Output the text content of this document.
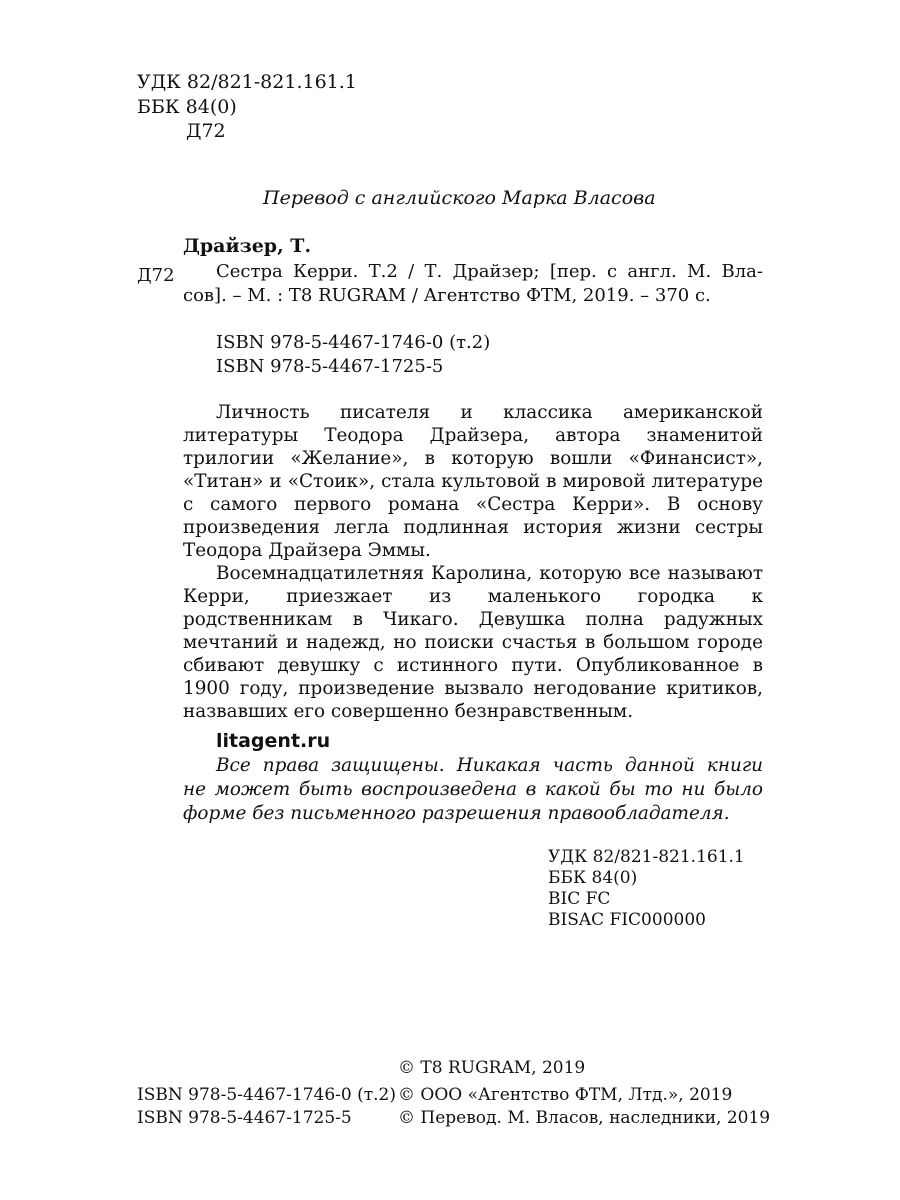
УДК 82/821-821.161.1
ББК 84(0)
Д72
Перевод с английского Марка Власова
Драйзер, Т.
Д72 Сестра Керри. Т.2 / Т. Драйзер; [пер. с англ. М. Вла-
сов]. – М. : T8 RUGRAM / Агентство ФТМ, 2019. – 370 с.
ISBN 978-5-4467-1746-0 (т.2)
ISBN 978-5-4467-1725-5

Личность писателя и классика американской литературы Теодора Драйзера, автора знаменитой трилогии «Желание», в которую вошли «Финансист», «Титан» и «Стоик», стала культовой в мировой литературе с самого первого романа «Сестра Керри». В основу произведения легла подлинная история жизни сестры Теодора Драйзера Эммы.

Восемнадцатилетняя Каролина, которую все называют Керри, приезжает из маленького городка к родственникам в Чикаго. Девушка полна радужных мечтаний и надежд, но поиски счастья в большом городе сбивают девушку с истинного пути. Опубликованное в 1900 году, произведение вызвало негодование критиков, назвавших его совершенно безнравственным.

litagent.ru
Все права защищены. Никакая часть данной книги
не может быть воспроизведена в какой бы то ни было
форме без письменного разрешения правообладателя.
УДК 82/821-821.161.1
ББК 84(0)
BIC FC
BISAC FIC000000
© T8 RUGRAM, 2019
ISBN 978-5-4467-1746-0 (т.2) © ООО «Агентство ФТМ, Лтд.», 2019
ISBN 978-5-4467-1725-5	© Перевод. М. Власов, наследники, 2019
